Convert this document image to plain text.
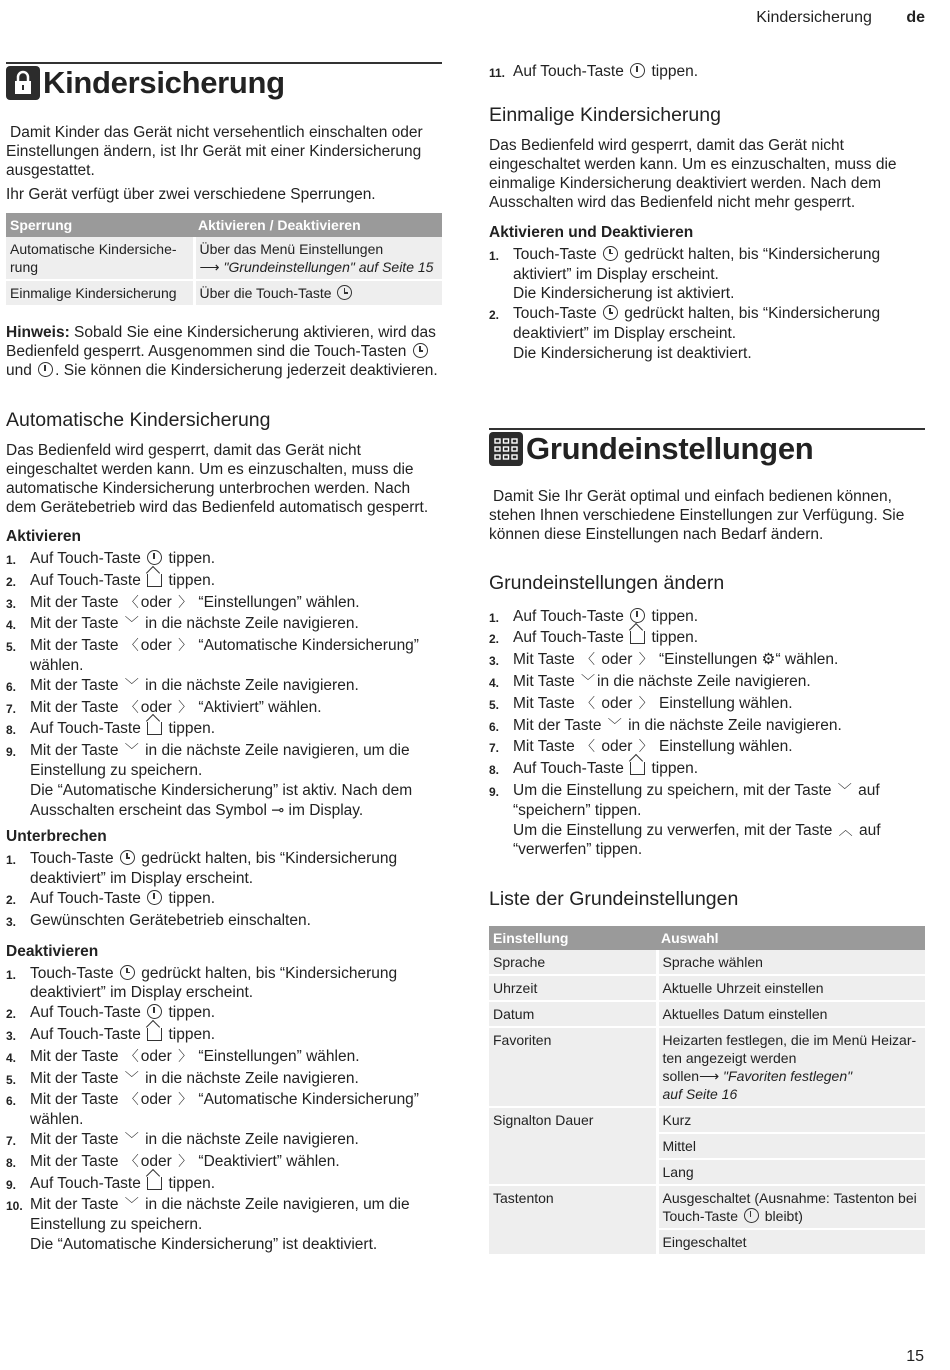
Kindersicherung de
Kindersicherung

Damit Kinder das Gerät nicht versehentlich einschalten oder Einstellungen ändern, ist Ihr Gerät mit einer Kindersicherung ausgestattet.

Ihr Gerät verfügt über zwei verschiedene Sperrungen.

Sperrung	Aktivieren / Deaktivieren
Automatische Kindersiche-rung	Über das Menü Einstellungen
⟶ "Grundeinstellungen" auf Seite 15
Einmalige Kindersicherung	Über die Touch-Taste

Hinweis: Sobald Sie eine Kindersicherung aktivieren, wird das Bedienfeld gesperrt. Ausgenommen sind die Touch-Tasten  und . Sie können die Kindersicherung jederzeit deaktivieren.

Automatische Kindersicherung

Das Bedienfeld wird gesperrt, damit das Gerät nicht eingeschaltet werden kann. Um es einzuschalten, muss die automatische Kindersicherung unterbrochen werden. Nach dem Gerätebetrieb wird das Bedienfeld automatisch gesperrt.

Aktivieren
1. Auf Touch-Taste  tippen.
2. Auf Touch-Taste  tippen.
3. Mit der Taste 〈 oder 〉 “Einstellungen” wählen.
4. Mit der Taste ﹀ in die nächste Zeile navigieren.
5. Mit der Taste 〈 oder 〉 “Automatische Kindersicherung” wählen.
6. Mit der Taste ﹀ in die nächste Zeile navigieren.
7. Mit der Taste 〈 oder 〉 “Aktiviert” wählen.
8. Auf Touch-Taste  tippen.
9. Mit der Taste ﹀ in die nächste Zeile navigieren, um die Einstellung zu speichern.
Die “Automatische Kindersicherung” ist aktiv. Nach dem Ausschalten erscheint das Symbol ⊸ im Display.
Unterbrechen
1. Touch-Taste  gedrückt halten, bis “Kindersicherung deaktiviert” im Display erscheint.
2. Auf Touch-Taste  tippen.
3. Gewünschten Gerätebetrieb einschalten.
Deaktivieren
1. Touch-Taste  gedrückt halten, bis “Kindersicherung deaktiviert” im Display erscheint.
2. Auf Touch-Taste  tippen.
3. Auf Touch-Taste  tippen.
4. Mit der Taste 〈 oder 〉 “Einstellungen” wählen.
5. Mit der Taste ﹀ in die nächste Zeile navigieren.
6. Mit der Taste 〈 oder 〉 “Automatische Kindersicherung” wählen.
7. Mit der Taste ﹀ in die nächste Zeile navigieren.
8. Mit der Taste 〈 oder 〉 “Deaktiviert” wählen.
9. Auf Touch-Taste  tippen.
10. Mit der Taste ﹀ in die nächste Zeile navigieren, um die Einstellung zu speichern.
Die “Automatische Kindersicherung” ist deaktiviert.
11. Auf Touch-Taste  tippen.
Einmalige Kindersicherung

Das Bedienfeld wird gesperrt, damit das Gerät nicht eingeschaltet werden kann. Um es einzuschalten, muss die einmalige Kindersicherung deaktiviert werden. Nach dem Ausschalten wird das Bedienfeld nicht mehr gesperrt.

Aktivieren und Deaktivieren
1. Touch-Taste  gedrückt halten, bis “Kindersicherung aktiviert” im Display erscheint.
Die Kindersicherung ist aktiviert.
2. Touch-Taste  gedrückt halten, bis “Kindersicherung deaktiviert” im Display erscheint.
Die Kindersicherung ist deaktiviert.
Grundeinstellungen

Damit Sie Ihr Gerät optimal und einfach bedienen können, stehen Ihnen verschiedene Einstellungen zur Verfügung. Sie können diese Einstellungen nach Bedarf ändern.

Grundeinstellungen ändern
1. Auf Touch-Taste  tippen.
2. Auf Touch-Taste  tippen.
3. Mit Taste 〈 oder 〉 “Einstellungen ⚙“ wählen.
4. Mit Taste ﹀ in die nächste Zeile navigieren.
5. Mit Taste 〈 oder 〉 Einstellung wählen.
6. Mit der Taste ﹀ in die nächste Zeile navigieren.
7. Mit Taste 〈 oder 〉 Einstellung wählen.
8. Auf Touch-Taste  tippen.
9. Um die Einstellung zu speichern, mit der Taste ﹀ auf “speichern” tippen.
Um die Einstellung zu verwerfen, mit der Taste ︿ auf “verwerfen” tippen.
Liste der Grundeinstellungen
Einstellung	Auswahl
Sprache	Sprache wählen
Uhrzeit	Aktuelle Uhrzeit einstellen
Datum	Aktuelles Datum einstellen
Favoriten	Heizarten festlegen, die im Menü Heizar-ten angezeigt werden
sollen⟶ "Favoriten festlegen"
auf Seite 16
Signalton Dauer	Kurz
	Mittel
	Lang
Tastenton	Ausgeschaltet (Ausnahme: Tastenton bei Touch-Taste  bleibt)
	Eingeschaltet
15
